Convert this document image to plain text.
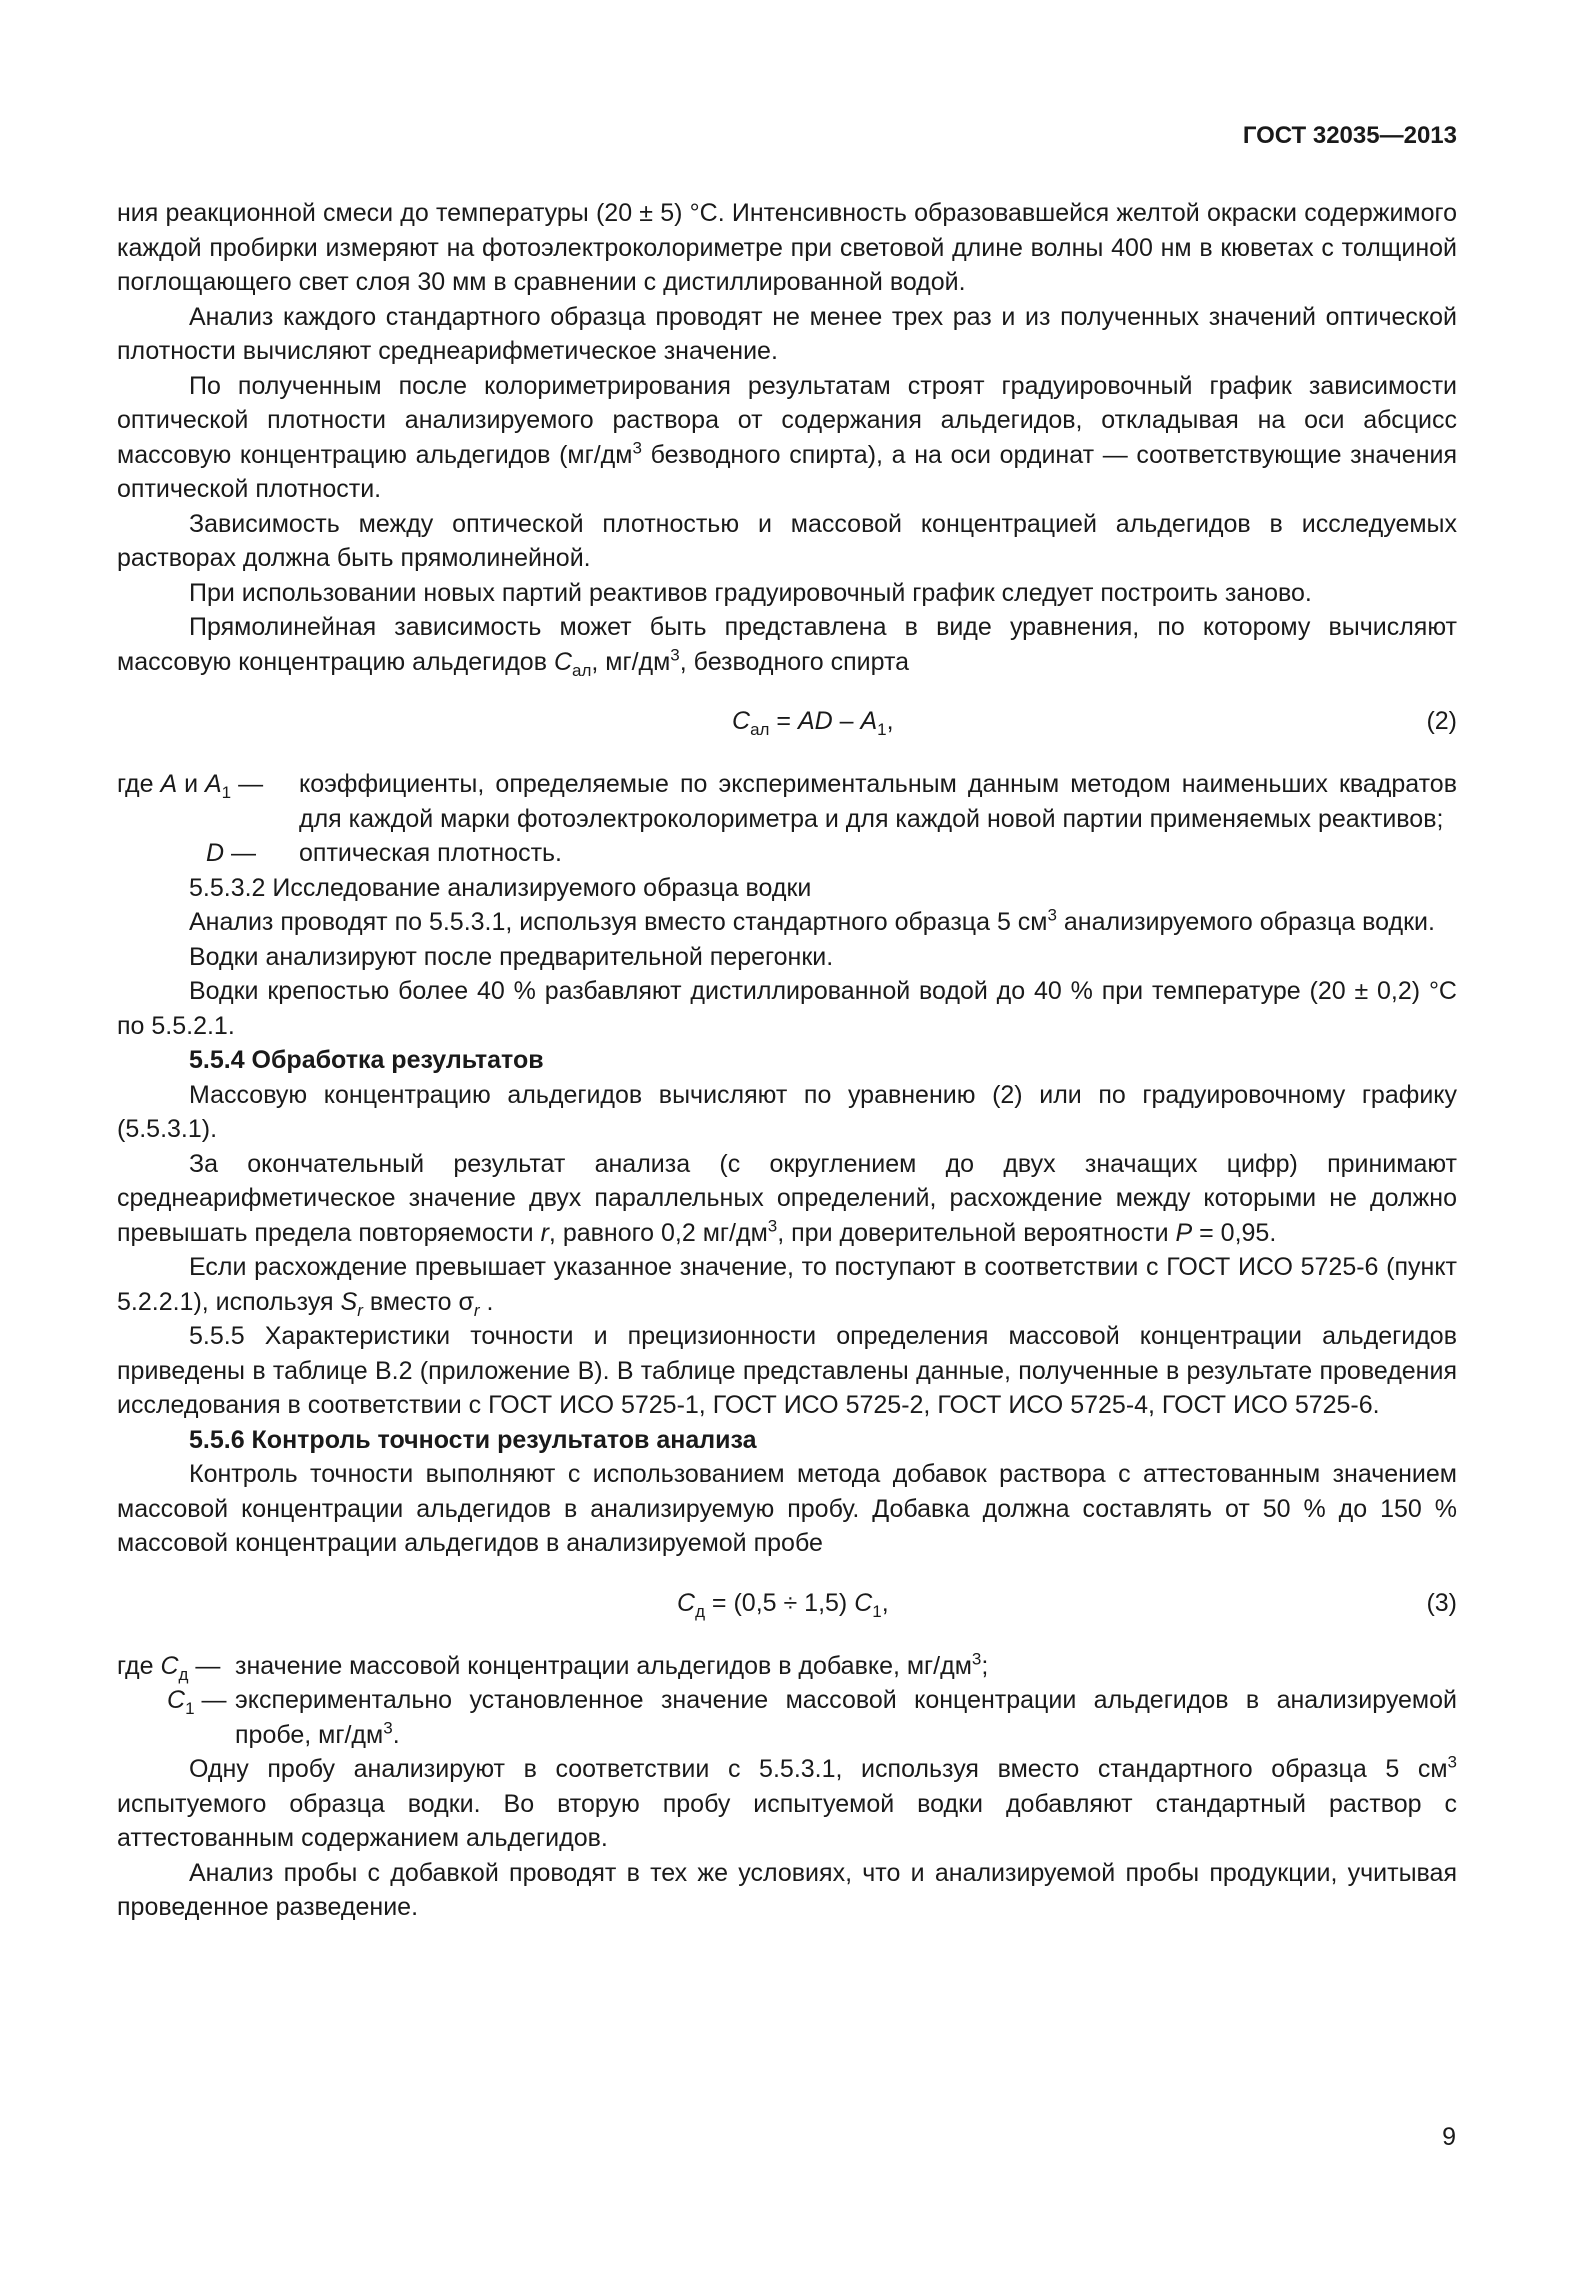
ГОСТ 32035—2013

ния реакционной смеси до температуры (20 ± 5) °С. Интенсивность образовавшейся желтой окраски содержимого каждой пробирки измеряют на фотоэлектроколориметре при световой длине волны 400 нм в кюветах с толщиной поглощающего свет слоя 30 мм в сравнении с дистиллированной водой.

Анализ каждого стандартного образца проводят не менее трех раз и из полученных значений оптической плотности вычисляют среднеарифметическое значение.

По полученным после колориметрирования результатам строят градуировочный график зависимости оптической плотности анализируемого раствора от содержания альдегидов, откладывая на оси абсцисс массовую концентрацию альдегидов ($мг/дм^3$ безводного спирта), а на оси ординат — соответствующие значения оптической плотности.

Зависимость между оптической плотностью и массовой концентрацией альдегидов в исследуемых растворах должна быть прямолинейной.

При использовании новых партий реактивов градуировочный график следует построить заново.

Прямолинейная зависимость может быть представлена в виде уравнения, по которому вычисляют массовую концентрацию альдегидов $C_{ал}$, $мг/дм^3$, безводного спирта

$C_{ал}$ = AD – $A_1$,	(2)
где A и $A_1$ — коэффициенты, определяемые по экспериментальным данным методом наименьших квадратов для каждой марки фотоэлектроколориметра и для каждой новой партии применяемых реактивов;

D — оптическая плотность.

5.5.3.2 Исследование анализируемого образца водки

Анализ проводят по 5.5.3.1, используя вместо стандартного образца 5 $см^3$ анализируемого образца водки.

Водки анализируют после предварительной перегонки.

Водки крепостью более 40 % разбавляют дистиллированной водой до 40 % при температуре (20 ± 0,2) °С по 5.5.2.1.

5.5.4 Обработка результатов

Массовую концентрацию альдегидов вычисляют по уравнению (2) или по градуировочному графику (5.5.3.1).

За окончательный результат анализа (с округлением до двух значащих цифр) принимают среднеарифметическое значение двух параллельных определений, расхождение между которыми не должно превышать предела повторяемости r, равного 0,2 $мг/дм^3$, при доверительной вероятности P = 0,95.

Если расхождение превышает указанное значение, то поступают в соответствии с ГОСТ ИСО 5725-6 (пункт 5.2.2.1), используя $S_r$ вместо $\sigma_r$ .

5.5.5 Характеристики точности и прецизионности определения массовой концентрации альдегидов приведены в таблице В.2 (приложение В). В таблице представлены данные, полученные в результате проведения исследования в соответствии с ГОСТ ИСО 5725-1, ГОСТ ИСО 5725-2, ГОСТ ИСО 5725-4, ГОСТ ИСО 5725-6.

5.5.6 Контроль точности результатов анализа

Контроль точности выполняют с использованием метода добавок раствора с аттестованным значением массовой концентрации альдегидов в анализируемую пробу. Добавка должна составлять от 50 % до 150 % массовой концентрации альдегидов в анализируемой пробе

$C_д = (0,5 \div 1,5)$ $C_1$,	(3)
где $C_д$ — значение массовой концентрации альдегидов в добавке, $мг/дм^3$;

$C_1$ — экспериментально установленное значение массовой концентрации альдегидов в анализируемой пробе, $мг/дм^3$.

Одну пробу анализируют в соответствии с 5.5.3.1, используя вместо стандартного образца 5 $см^3$ испытуемого образца водки. Во вторую пробу испытуемой водки добавляют стандартный раствор с аттестованным содержанием альдегидов.

Анализ пробы с добавкой проводят в тех же условиях, что и анализируемой пробы продукции, учитывая проведенное разведение.

9
